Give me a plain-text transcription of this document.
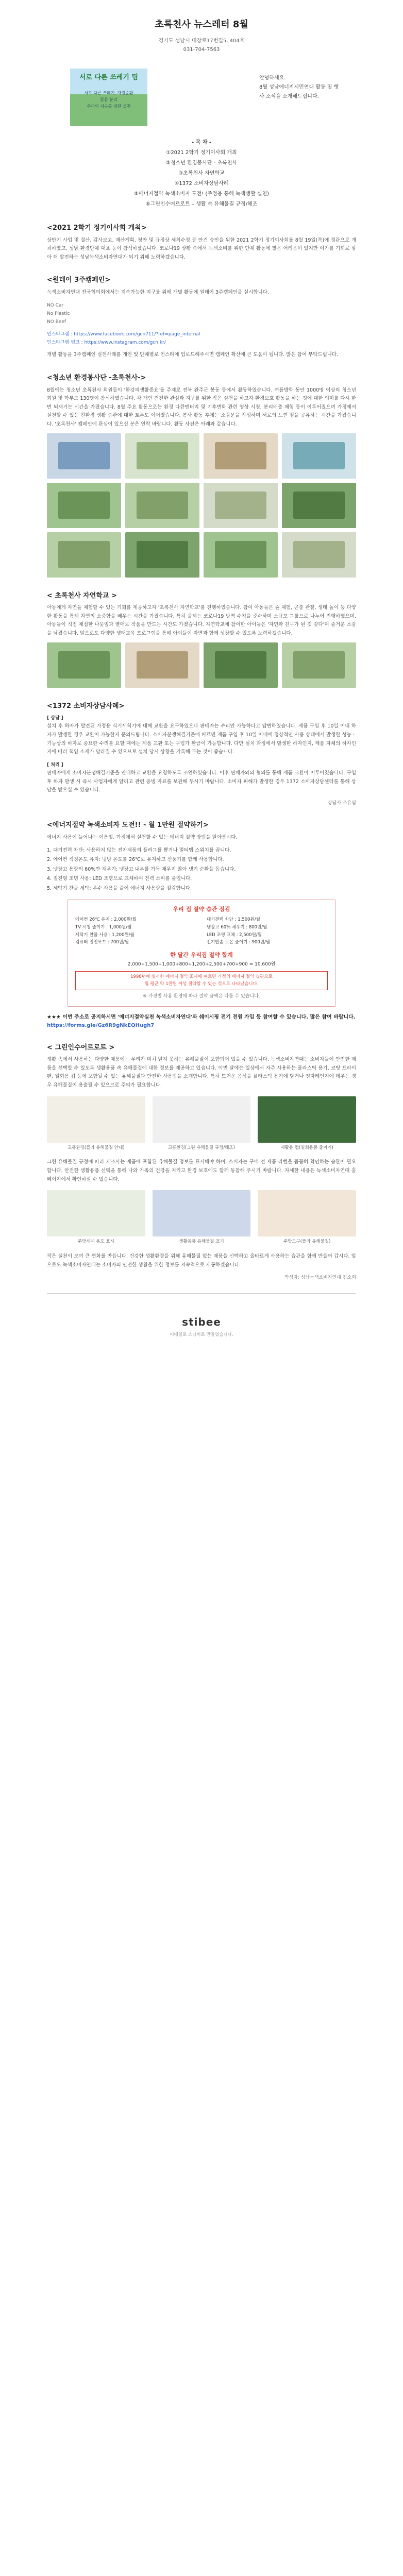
초록천사 뉴스레터 8월
경기도 성남시 대장로17번길5, 404호
031-704-7563
서로 다른 쓰레기 팀
서로 다른 쓰레기, 자원순환
꼼꼼 분리
우리의 지구를 위한 실천
안녕하세요.
8월 성남에너지시민연대 활동 및 행
사 소식을 소개해드립니다.
- 목 차 -
①2021 2학기 정기이사회 개최
②청소년 환경봉사단 - 초록천사
③초록천사 자연학교
④1372 소비자상담사례
⑤에너지절약 녹색소비자 도전! (주점용 통해 녹색생활 실천)
⑥그린인수어르로트 – 생활 속 유해물질 규정/해조
<2021 2학기 정기이사회 개최>
상반기 사업 및 결산, 감사보고, 재산계획, 청안 및 규정상 세칙수정 등 안건 승인을 위한 2021 2학기 정기이사회를 8월 19일(목)에 정관으로 개최하였고, 성남 환경단체 대표 등이 참석하셨습니다. 코로나19 상황 속에서 녹색소비를 위한 단체 활동에 많은 어려움이 있지만 여기를 기회로 삼아 더 발전하는 성남녹색소비자연대가 되기 위해 노력하겠습니다.
<원데이 3주캠페인>
녹색소비자연대 전국협의회에서는 지속가능한 지구를 위해 개별 활동에 원데이 3주캠페인을 실시합니다.
NO Car
No Plastic
NO Beef
인스타그램 : https://www.facebook.com/gcn711/?ref=page_internal
인스타그램 링크 : https://www.instagram.com/gcn.kr/
개별 활동을 3주캠페인 실천사례를 개인 및 단체별로 인스타에 업로드해주시면 캠페인 확산에 큰 도움이 됩니다. 많은 참여 부탁드립니다.
<청소년 환경봉사단 -초록천사->
8월에는 청소년 초록천사 회원들이 '한강의생활중요'를 주제로 전북 완주군 봉동 등에서 활동하였습니다. 여름방학 동안 1000명 이상의 청소년 회원 및 학부모 130명이 참석하였습니다. 각 개인 건전한 관심과 지구를 위한 작은 실천을 하고자 환경보호 활동을 하는 것에 대한 의미를 다시 한 번 되새기는 시간을 가졌습니다. 8월 주요 활동으로는 환경 다큐멘터리 및 기후변화 관련 영상 시청, 분리배출 체험 등이 이루어졌으며 가정에서 실천할 수 있는 친환경 생활 습관에 대한 토론도 이어졌습니다. 봉사 활동 후에는 소감문을 작성하며 서로의 느낀 점을 공유하는 시간을 가졌습니다. '초록천사' 캠페인에 관심이 있으신 분은 연락 바랍니다. 활동 사진은 아래와 같습니다.
< 초록천사 자연학교 >
아동에게 자연을 체험할 수 있는 기회를 제공하고자 '초록천사 자연학교'를 진행하였습니다. 참여 아동들은 숲 체험, 곤충 관찰, 생태 놀이 등 다양한 활동을 통해 자연의 소중함을 배우는 시간을 가졌습니다. 특히 올해는 코로나19 방역 수칙을 준수하며 소규모 그룹으로 나누어 진행하였으며, 아동들이 직접 채집한 나뭇잎과 열매로 작품을 만드는 시간도 가졌습니다. 자연학교에 참여한 아이들은 '자연과 친구가 된 것 같다'며 즐거운 소감을 남겼습니다. 앞으로도 다양한 생태교육 프로그램을 통해 아이들이 자연과 함께 성장할 수 있도록 노력하겠습니다.
<1372 소비자상담사례>
[ 상담 ]
설치 후 하자가 발견된 가정용 식기세척기에 대해 교환을 요구하였으나 판매자는 수리만 가능하다고 답변하였습니다. 제품 구입 후 10일 이내 하자가 발생한 경우 교환이 가능한지 문의드립니다. 소비자분쟁해결기준에 따르면 제품 구입 후 10일 이내에 정상적인 사용 상태에서 발생한 성능ㆍ기능상의 하자로 중요한 수리를 요할 때에는 제품 교환 또는 구입가 환급이 가능합니다. 다만 설치 과정에서 발생한 하자인지, 제품 자체의 하자인지에 따라 책임 소재가 달라질 수 있으므로 설치 당시 상황을 기록해 두는 것이 좋습니다.
[ 처리 ]
판매자에게 소비자분쟁해결기준을 안내하고 교환을 요청하도록 조언하였습니다. 이후 판매자와의 협의를 통해 제품 교환이 이루어졌습니다. 구입 후 하자 발생 시 즉시 사업자에게 알리고 관련 증빙 자료를 보관해 두시기 바랍니다. 소비자 피해가 발생한 경우 1372 소비자상담센터를 통해 상담을 받으실 수 있습니다.
상담사 조유림
<에너지절약 녹색소비자 도전!! - 월 1만원 절약하기>
에너지 사용이 늘어나는 여름철, 가정에서 실천할 수 있는 에너지 절약 방법을 알아봅시다.
1. 대기전력 차단: 사용하지 않는 전자제품의 플러그를 뽑거나 멀티탭 스위치를 끕니다.
2. 에어컨 적정온도 유지: 냉방 온도를 26℃로 유지하고 선풍기를 함께 사용합니다.
3. 냉장고 용량의 60%만 채우기: 냉장고 내부를 가득 채우지 않아 냉기 순환을 돕습니다.
4. 절전형 조명 사용: LED 조명으로 교체하여 전력 소비를 줄입니다.
5. 세탁기 찬물 세탁: 온수 사용을 줄여 에너지 사용량을 절감합니다.
우리 집 절약 습관 점검
에어컨 26℃ 유지 : 2,000원/월	대기전력 차단 : 1,500원/월
TV 시청 줄이기 : 1,000원/월	냉장고 60% 채우기 : 800원/월
세탁기 찬물 사용 : 1,200원/월	LED 조명 교체 : 2,500원/월
컴퓨터 절전모드 : 700원/월	전기밥솥 보온 줄이기 : 900원/월
한 달간 우리집 절약 합계
2,000+1,500+1,000+800+1,200+2,500+700+900 = 10,600원
1998년에 실시한 에너지 절약 조사에 따르면 가정의 에너지 절약 습관으로
월 평균 약 1만원 이상 절약할 수 있는 것으로 나타났습니다.
※ 가정별 사용 환경에 따라 절약 금액은 다를 수 있습니다.
★★★ 이번 주소로 공지하시면 '에너지절약실천 녹색소비자연대'와 쉐이시핑 전기 전원 가입 등 참여할 수 있습니다. 많은 참여 바랍니다.
https://forms.gle/Gz6R9gNkEQHugh7
< 그린인수어르로트 >
생활 속에서 사용하는 다양한 제품에는 우리가 미처 알지 못하는 유해물질이 포함되어 있을 수 있습니다. 녹색소비자연대는 소비자들이 안전한 제품을 선택할 수 있도록 생활용품 속 유해물질에 대한 정보를 제공하고 있습니다. 이번 달에는 일상에서 자주 사용하는 플라스틱 용기, 코팅 프라이팬, 일회용 컵 등에 포함될 수 있는 유해물질과 안전한 사용법을 소개합니다. 특히 뜨거운 음식을 플라스틱 용기에 담거나 전자레인지에 데우는 경우 유해물질이 용출될 수 있으므로 주의가 필요합니다.
고흥환경(플라 유해물질 안내)	고흥환경(그린 유해물질 규정/해조)	재활용 컵(일회용품 줄이기)
그린 유해물질 규정에 따라 제조사는 제품에 포함된 유해물질 정보를 표시해야 하며, 소비자는 구매 전 제품 라벨을 꼼꼼히 확인하는 습관이 필요합니다. 안전한 생활용품 선택을 통해 나와 가족의 건강을 지키고 환경 보호에도 함께 동참해 주시기 바랍니다. 자세한 내용은 녹색소비자연대 홈페이지에서 확인하실 수 있습니다.
주방세제 용도 표시	생활용품 유해물질 표기	주방도구(플라 유해물질)
작은 실천이 모여 큰 변화를 만듭니다. 건강한 생활환경을 위해 유해물질 없는 제품을 선택하고 올바르게 사용하는 습관을 함께 만들어 갑시다. 앞으로도 녹색소비자연대는 소비자의 안전한 생활을 위한 정보를 지속적으로 제공하겠습니다.
작성자: 성남녹색소비자연대 김소희
stibee
이메일로 스티비로 만들었습니다.
